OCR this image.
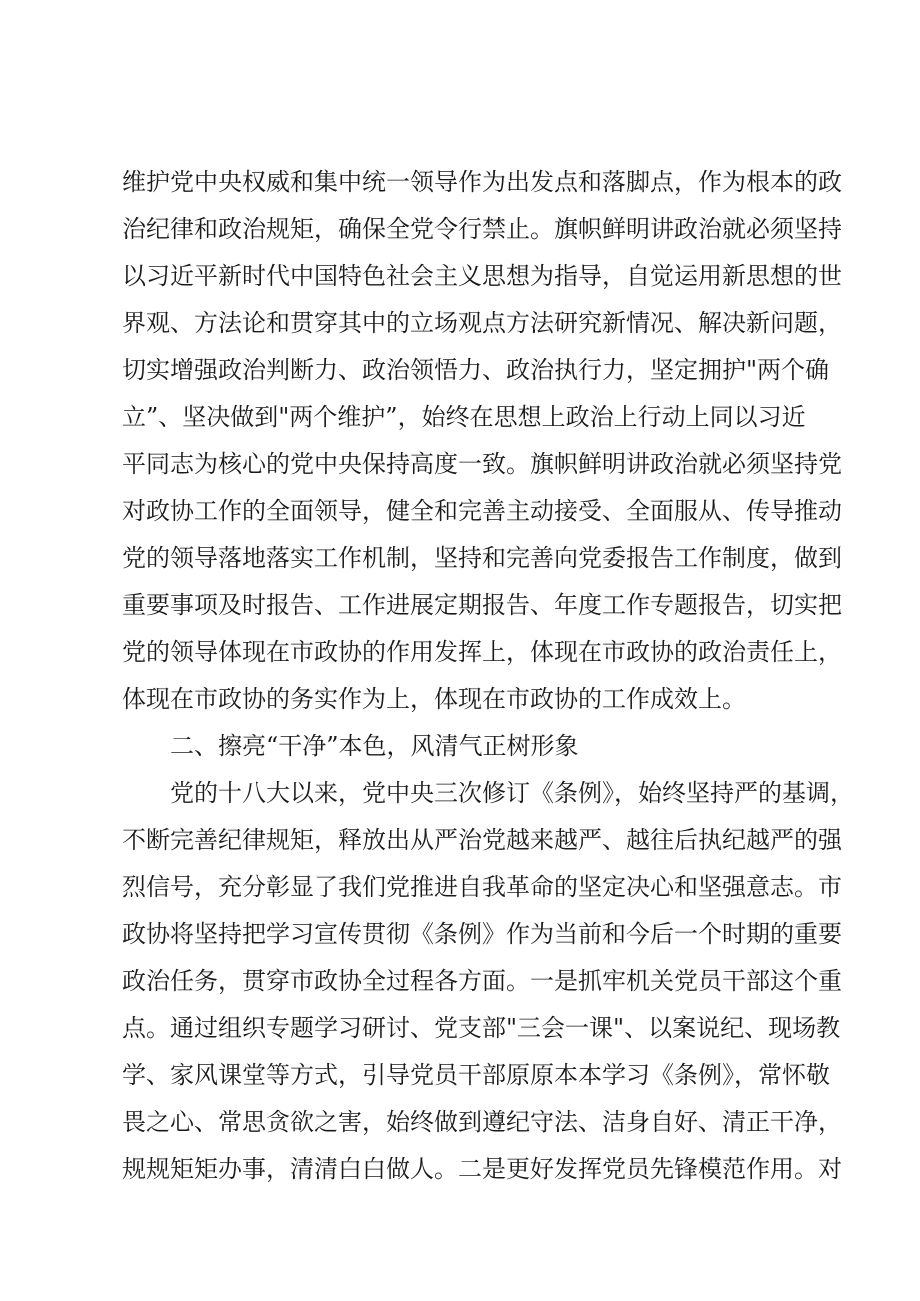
维护党中央权威和集中统一领导作为出发点和落脚点，作为根本的政
治纪律和政治规矩，确保全党令行禁止。旗帜鲜明讲政治就必须坚持
以习近平新时代中国特色社会主义思想为指导，自觉运用新思想的世
界观、方法论和贯穿其中的立场观点方法研究新情况、解决新问题，
切实增强政治判断力、政治领悟力、政治执行力，坚定拥护"两个确
立”、坚决做到"两个维护”，始终在思想上政治上行动上同以习近
平同志为核心的党中央保持高度一致。旗帜鲜明讲政治就必须坚持党
对政协工作的全面领导，健全和完善主动接受、全面服从、传导推动
党的领导落地落实工作机制，坚持和完善向党委报告工作制度，做到
重要事项及时报告、工作进展定期报告、年度工作专题报告，切实把
党的领导体现在市政协的作用发挥上，体现在市政协的政治责任上，
体现在市政协的务实作为上，体现在市政协的工作成效上。
二、擦亮“干净”本色，风清气正树形象
党的十八大以来，党中央三次修订《条例》，始终坚持严的基调，
不断完善纪律规矩，释放出从严治党越来越严、越往后执纪越严的强
烈信号，充分彰显了我们党推进自我革命的坚定决心和坚强意志。市
政协将坚持把学习宣传贯彻《条例》作为当前和今后一个时期的重要
政治任务，贯穿市政协全过程各方面。一是抓牢机关党员干部这个重
点。通过组织专题学习研讨、党支部"三会一课"、以案说纪、现场教
学、家风课堂等方式，引导党员干部原原本本学习《条例》，常怀敬
畏之心、常思贪欲之害，始终做到遵纪守法、洁身自好、清正干净，
规规矩矩办事，清清白白做人。二是更好发挥党员先锋模范作用。对
